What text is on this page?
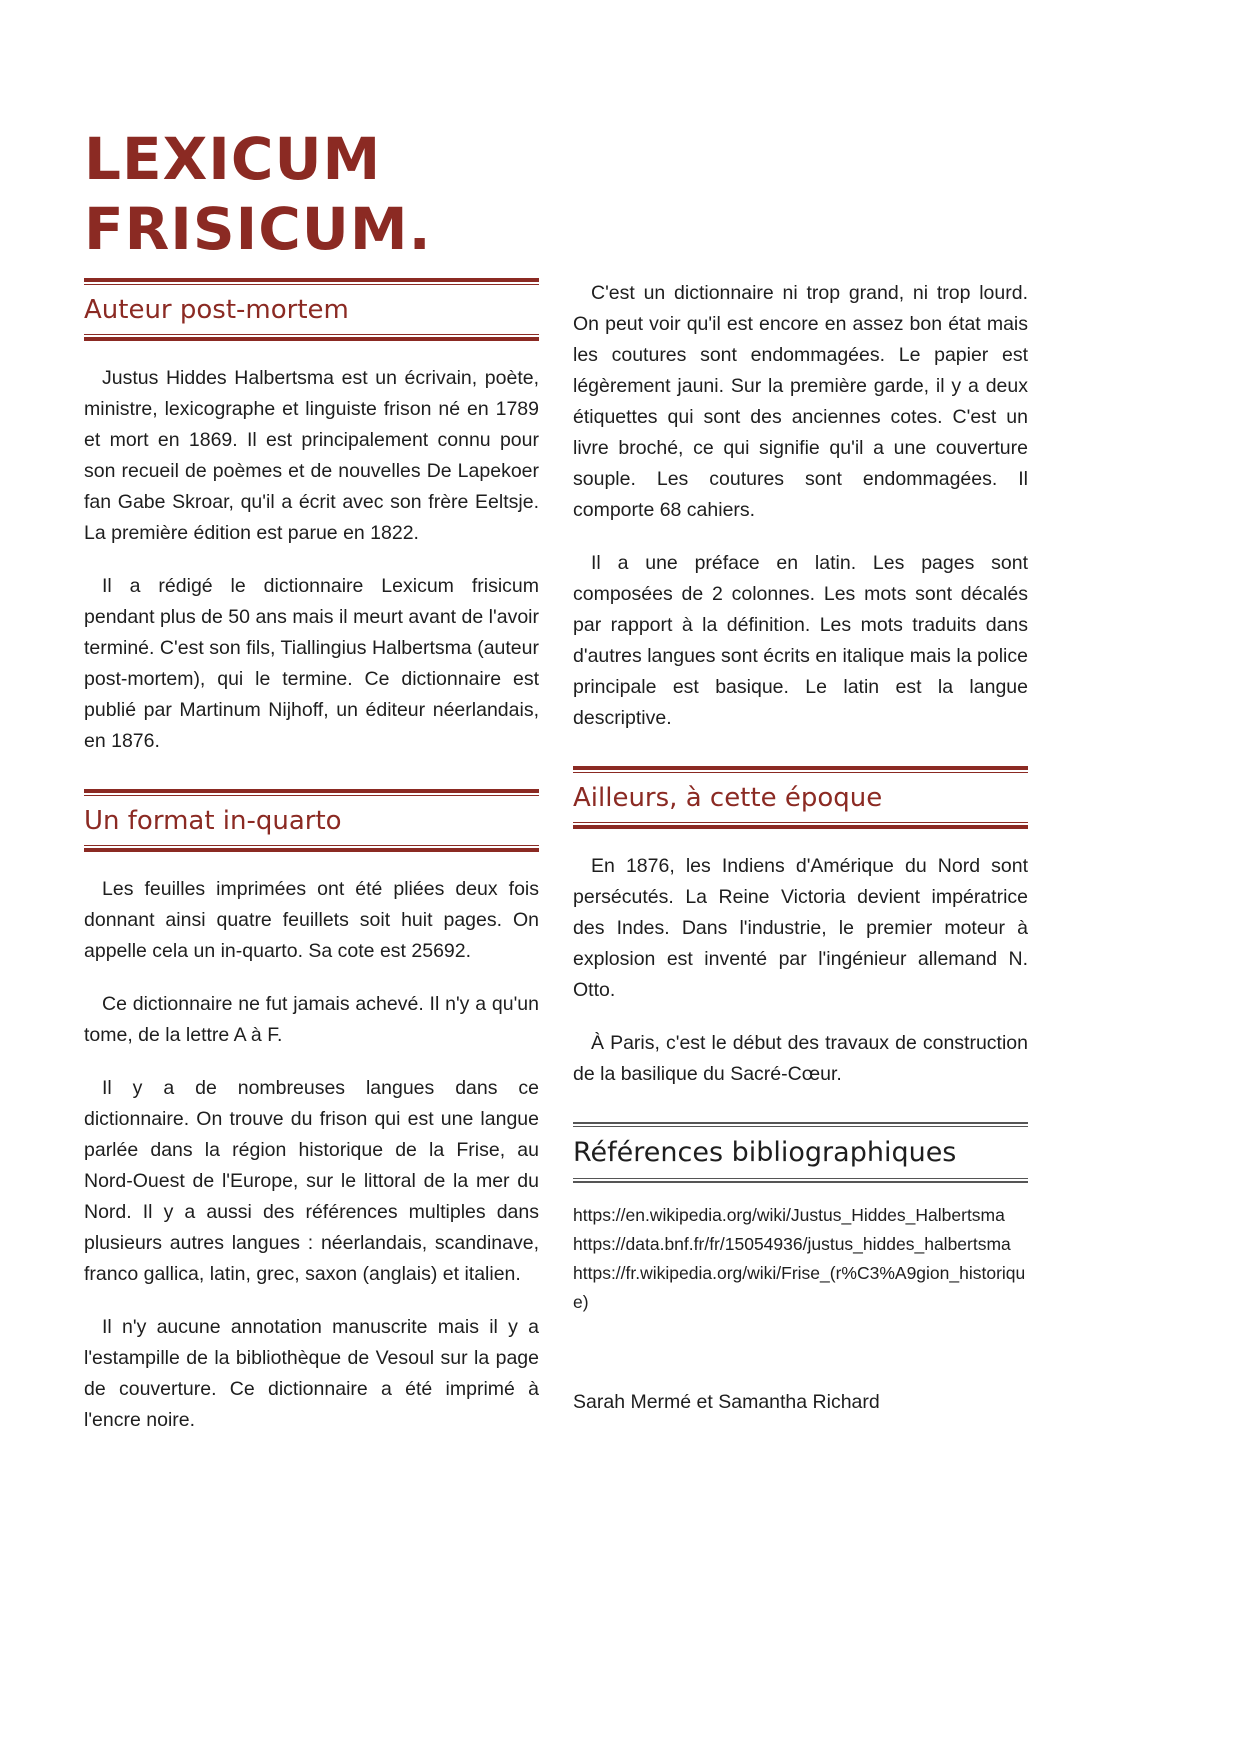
LEXICUM
FRISICUM.
Auteur post-mortem

Justus Hiddes Halbertsma est un écrivain, poète, ministre, lexicographe et linguiste frison né en 1789 et mort en 1869. Il est principalement connu pour son recueil de poèmes et de nouvelles De Lapekoer fan Gabe Skroar, qu'il a écrit avec son frère Eeltsje. La première édition est parue en 1822.

Il a rédigé le dictionnaire Lexicum frisicum pendant plus de 50 ans mais il meurt avant de l'avoir terminé. C'est son fils, Tiallingius Halbertsma (auteur post-mortem), qui le termine. Ce dictionnaire est publié par Martinum Nijhoff, un éditeur néerlandais, en 1876.

Un format in-quarto

Les feuilles imprimées ont été pliées deux fois donnant ainsi quatre feuillets soit huit pages. On appelle cela un in-quarto. Sa cote est 25692.

Ce dictionnaire ne fut jamais achevé. Il n'y a qu'un tome, de la lettre A à F.

Il y a de nombreuses langues dans ce dictionnaire. On trouve du frison qui est une langue parlée dans la région historique de la Frise, au Nord-Ouest de l'Europe, sur le littoral de la mer du Nord. Il y a aussi des références multiples dans plusieurs autres langues : néerlandais, scandinave, franco gallica, latin, grec, saxon (anglais) et italien.

Il n'y aucune annotation manuscrite mais il y a l'estampille de la bibliothèque de Vesoul sur la page de couverture. Ce dictionnaire a été imprimé à l'encre noire.

C'est un dictionnaire ni trop grand, ni trop lourd. On peut voir qu'il est encore en assez bon état mais les coutures sont endommagées. Le papier est légèrement jauni. Sur la première garde, il y a deux étiquettes qui sont des anciennes cotes. C'est un livre broché, ce qui signifie qu'il a une couverture souple. Les coutures sont endommagées. Il comporte 68 cahiers.

Il a une préface en latin. Les pages sont composées de 2 colonnes. Les mots sont décalés par rapport à la définition. Les mots traduits dans d'autres langues sont écrits en italique mais la police principale est basique. Le latin est la langue descriptive.

Ailleurs, à cette époque

En 1876, les Indiens d'Amérique du Nord sont persécutés. La Reine Victoria devient impératrice des Indes. Dans l'industrie, le premier moteur à explosion est inventé par l'ingénieur allemand N. Otto.

À Paris, c'est le début des travaux de construction de la basilique du Sacré-Cœur.

Références bibliographiques
https://en.wikipedia.org/wiki/Justus_Hiddes_Halbertsma
https://data.bnf.fr/fr/15054936/justus_hiddes_halbertsma
https://fr.wikipedia.org/wiki/Frise_(r%C3%A9gion_historique)

Sarah Mermé et Samantha Richard
